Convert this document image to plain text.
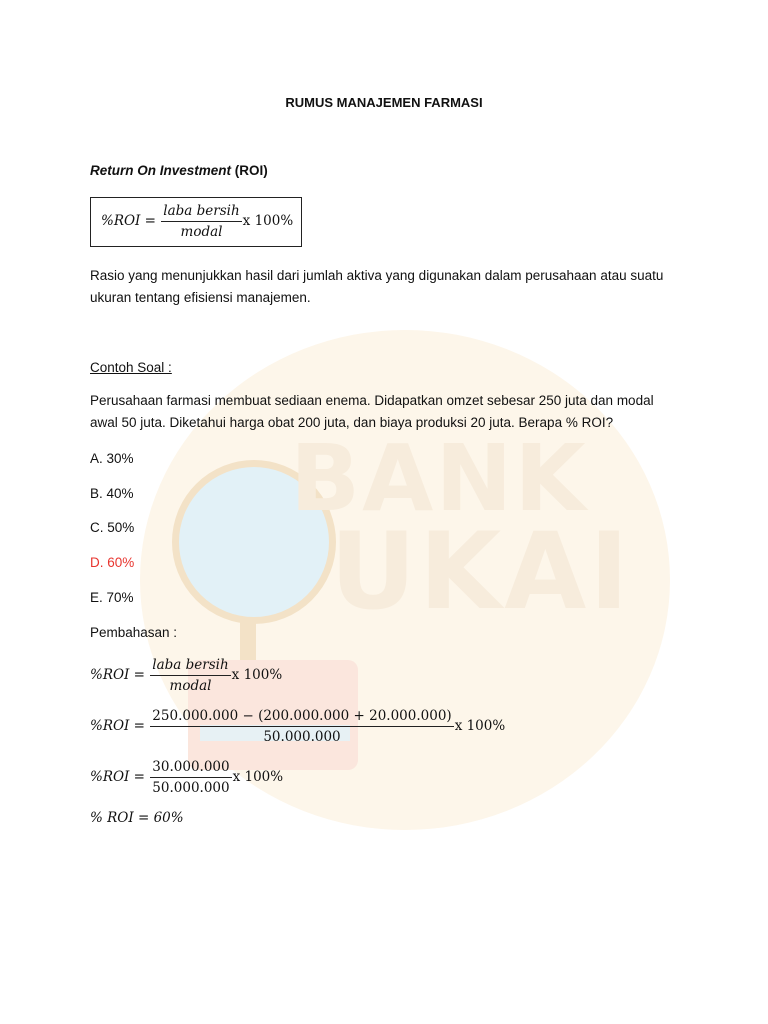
BANK
UKAI
RUMUS MANAJEMEN FARMASI
Return On Investment (ROI)
$\%ROI = \frac{\text{laba bersih}}{\text{modal}}$ x 100%
Rasio yang menunjukkan hasil dari jumlah aktiva yang digunakan dalam perusahaan atau suatu
ukuran tentang efisiensi manajemen.
Contoh Soal :
Perusahaan farmasi membuat sediaan enema. Didapatkan omzet sebesar 250 juta dan modal
awal 50 juta. Diketahui harga obat 200 juta, dan biaya produksi 20 juta. Berapa % ROI?
A. 30%
B. 40%
C. 50%
D. 60%
E. 70%
Pembahasan :
$\%ROI = \frac{\text{laba bersih}}{\text{modal}}$ x 100%
$\%ROI = \frac{250.000.000 - (200.000.000 + 20.000.000)}{50.000.000}$ x 100%
$\%ROI = \frac{30.000.000}{50.000.000}$ x 100%
% ROI = 60%
